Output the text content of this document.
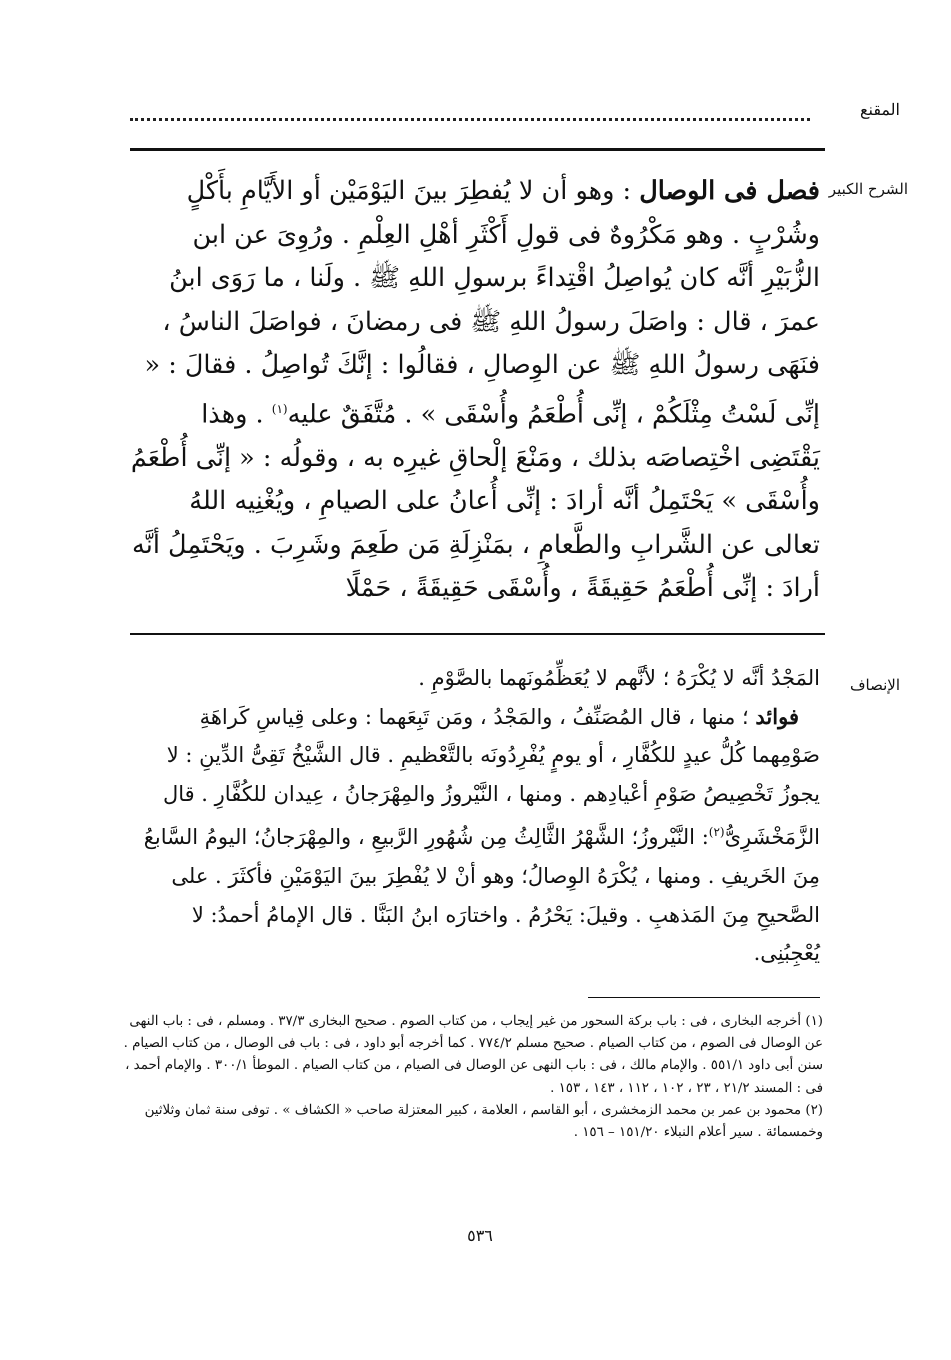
المقنع
الشرح الكبير
فصل فى الوصال : وهو أن لا يُفطِرَ بينَ اليَوْمَيْن أو الأَيَّامِ بأَكْلٍ وشُرْبٍ . وهو مَكْرُوهٌ فى قولِ أَكْثَرِ أهْلِ العِلْمِ . ورُوِىَ عن ابن الزُّبَيْرِ أنَّه كان يُواصِلُ اقْتِداءً برسولِ اللهِ ﷺ . ولَنا ، ما رَوَى ابنُ عمرَ ، قال : واصَلَ رسولُ اللهِ ﷺ فى رمضانَ ، فواصَلَ الناسُ ، فنَهَى رسولُ اللهِ ﷺ عن الوِصالِ ، فقالُوا : إنَّكَ تُواصِلُ . فقالَ : « إنِّى لَسْتُ مِثْلَكُمْ ، إنِّى أُطْعَمُ وأُسْقَى » . مُتَّفَقٌ عليه$^{(١)}$ . وهذا يَقْتَضِى اخْتِصاصَه بذلك ، ومَنْعَ إلْحاقِ غيرِه به ، وقولُه : « إنِّى أُطْعَمُ وأُسْقَى » يَحْتَمِلُ أنَّه أرادَ : إنِّى أُعانُ على الصيامِ ، ويُغْنِيه اللهُ تعالى عن الشَّرابِ والطَّعامِ ، بمَنْزِلَةِ مَن طَعِمَ وشَرِبَ . ويَحْتَمِلُ أنَّه أرادَ : إنِّى أُطْعَمُ حَقِيقَةً ، وأُسْقَى حَقِيقَةً ، حَمْلًا
الإنصاف
المَجْدُ أنَّه لا يُكْرَهُ ؛ لأنَّهم لا يُعَظِّمُونَهما بالصَّوْمِ .
 فوائد ؛ منها ، قال المُصَنِّفُ ، والمَجْدُ ، ومَن تَبِعَهما : وعلى قِياسِ كَراهَةِ صَوْمِهما كُلُّ عيدٍ للكُفَّارِ ، أو يومٍ يُفْرِدُونَه بالتَّعْظيمِ . قال الشَّيْخُ تَقِىُّ الدِّينِ : لا يجوزُ تَخْصِيصُ صَوْمِ أعْيادِهم . ومنها ، النَّيْروزُ والمِهْرَجانُ ، عِيدان للكُفَّارِ . قال الزَّمَخْشَرِىُّ$^{(٢)}$: النَّيْروزُ؛ الشَّهْرُ الثَّالِثُ مِن شُهُورِ الرَّبيعِ ، والمِهْرَجانُ؛ اليومُ السَّابعُ مِنَ الخَريفِ . ومنها ، يُكْرَهُ الوِصالُ؛ وهو أنْ لا يُفْطِرَ بينَ اليَوْمَيْنِ فأكثَرَ . على الصَّحيحِ مِنَ المَذهبِ . وقيلَ: يَحْرُمُ . واختارَه ابنُ البَنَّا . قال الإمامُ أحمدُ: لا يُعْجِبُنِى.

(١) أخرجه البخارى ، فى : باب بركة السحور من غير إيجاب ، من كتاب الصوم . صحيح البخارى ٣٧/٣ . ومسلم ، فى : باب النهى عن الوصال فى الصوم ، من كتاب الصيام . صحيح مسلم ٧٧٤/٢ . كما أخرجه أبو داود ، فى : باب فى الوصال ، من كتاب الصيام . سنن أبى داود ٥٥١/١ . والإمام مالك ، فى : باب النهى عن الوصال فى الصيام ، من كتاب الصيام . الموطأ ٣٠٠/١ . والإمام أحمد ، فى : المسند ٢١/٢ ، ٢٣ ، ١٠٢ ، ١١٢ ، ١٤٣ ، ١٥٣ .

(٢) محمود بن عمر بن محمد الزمخشرى ، أبو القاسم ، العلامة ، كبير المعتزلة صاحب « الكشاف » . توفى سنة ثمان وثلاثين وخمسمائة . سير أعلام النبلاء ١٥١/٢٠ – ١٥٦ .

٥٣٦
